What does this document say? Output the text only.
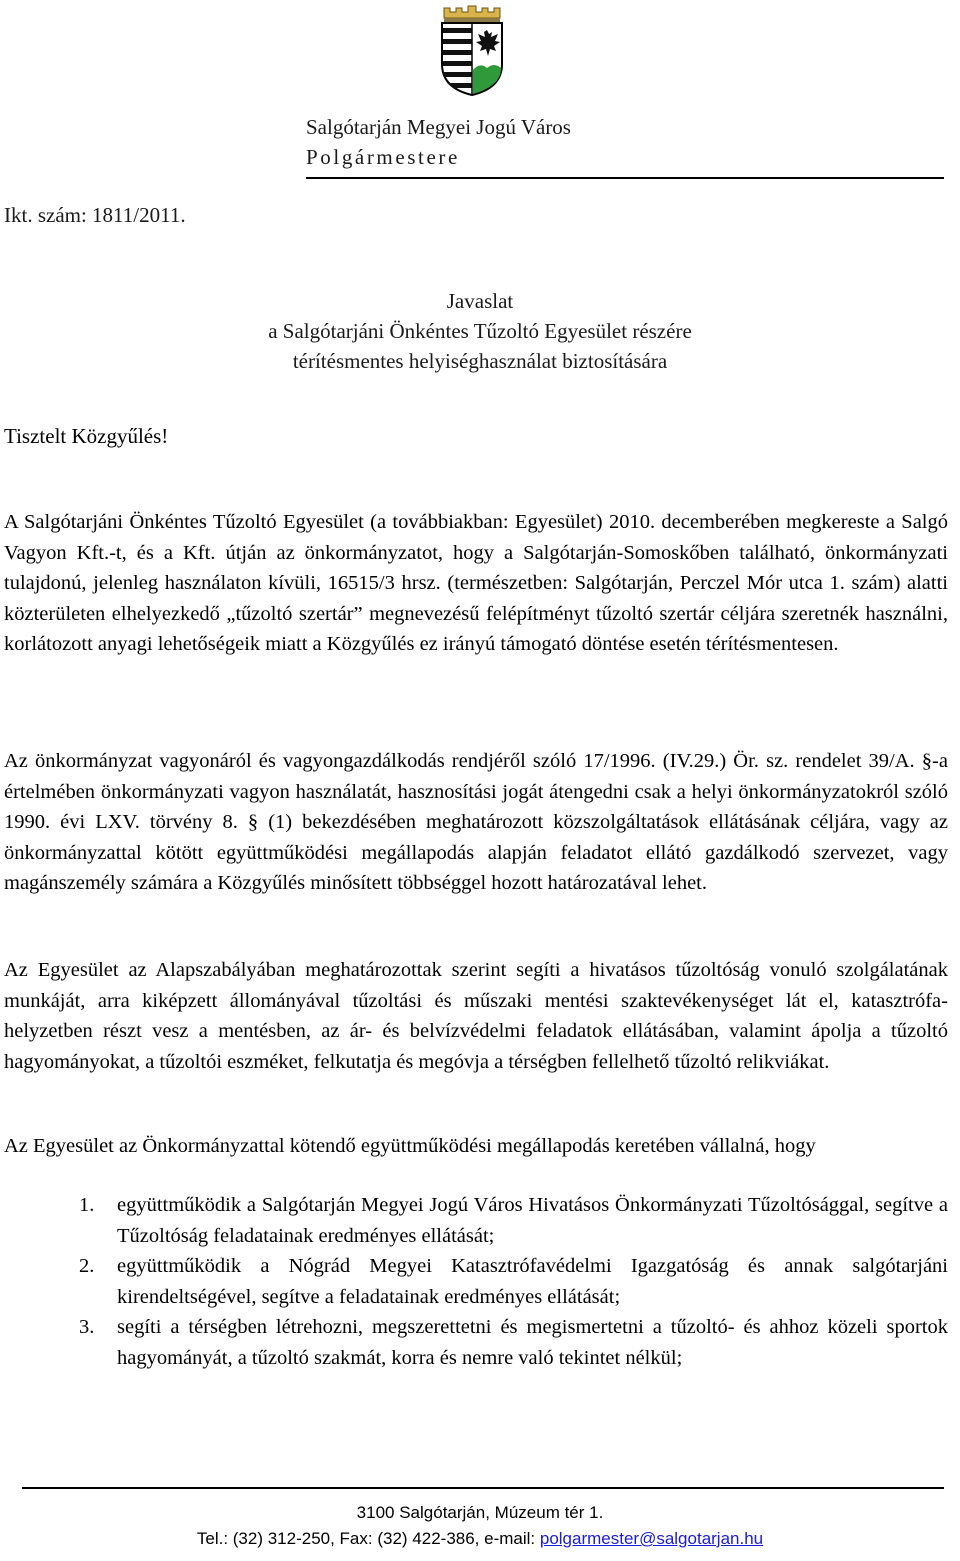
Salgótarján Megyei Jogú Város
Polgármestere
Ikt. szám: 1811/2011.
Javaslat
a Salgótarjáni Önkéntes Tűzoltó Egyesület részére
térítésmentes helyiséghasználat biztosítására
Tisztelt Közgyűlés!

A Salgótarjáni Önkéntes Tűzoltó Egyesület (a továbbiakban: Egyesület) 2010. decemberében megkereste a Salgó Vagyon Kft.-t, és a Kft. útján az önkormányzatot, hogy a Salgótarján-Somoskőben található, önkormányzati tulajdonú, jelenleg használaton kívüli, 16515/3 hrsz. (természetben: Salgótarján, Perczel Mór utca 1. szám) alatti közterületen elhelyezkedő „tűzoltó szertár” megnevezésű felépítményt tűzoltó szertár céljára szeretnék használni, korlátozott anyagi lehetőségeik miatt a Közgyűlés ez irányú támogató döntése esetén térítésmentesen.

Az önkormányzat vagyonáról és vagyongazdálkodás rendjéről szóló 17/1996. (IV.29.) Ör. sz. rendelet 39/A. §-a értelmében önkormányzati vagyon használatát, hasznosítási jogát átengedni csak a helyi önkormányzatokról szóló 1990. évi LXV. törvény 8. § (1) bekezdésében meghatározott közszolgáltatások ellátásának céljára, vagy az önkormányzattal kötött együttműködési megállapodás alapján feladatot ellátó gazdálkodó szervezet, vagy magánszemély számára a Közgyűlés minősített többséggel hozott határozatával lehet.

Az Egyesület az Alapszabályában meghatározottak szerint segíti a hivatásos tűzoltóság vonuló szolgálatának munkáját, arra kiképzett állományával tűzoltási és műszaki mentési szaktevékenységet lát el, katasztrófa-helyzetben részt vesz a mentésben, az ár- és belvízvédelmi feladatok ellátásában, valamint ápolja a tűzoltó hagyományokat, a tűzoltói eszméket, felkutatja és megóvja a térségben fellelhető tűzoltó relikviákat.

Az Egyesület az Önkormányzattal kötendő együttműködési megállapodás keretében vállalná, hogy

1. együttműködik a Salgótarján Megyei Jogú Város Hivatásos Önkormányzati Tűzoltósággal, segítve a Tűzoltóság feladatainak eredményes ellátását;
2. együttműködik a Nógrád Megyei Katasztrófavédelmi Igazgatóság és annak salgótarjáni kirendeltségével, segítve a feladatainak eredményes ellátását;
3. segíti a térségben létrehozni, megszerettetni és megismertetni a tűzoltó- és ahhoz közeli sportok hagyományát, a tűzoltó szakmát, korra és nemre való tekintet nélkül;
3100 Salgótarján, Múzeum tér 1.
Tel.: (32) 312-250, Fax: (32) 422-386, e-mail: polgarmester@salgotarjan.hu
